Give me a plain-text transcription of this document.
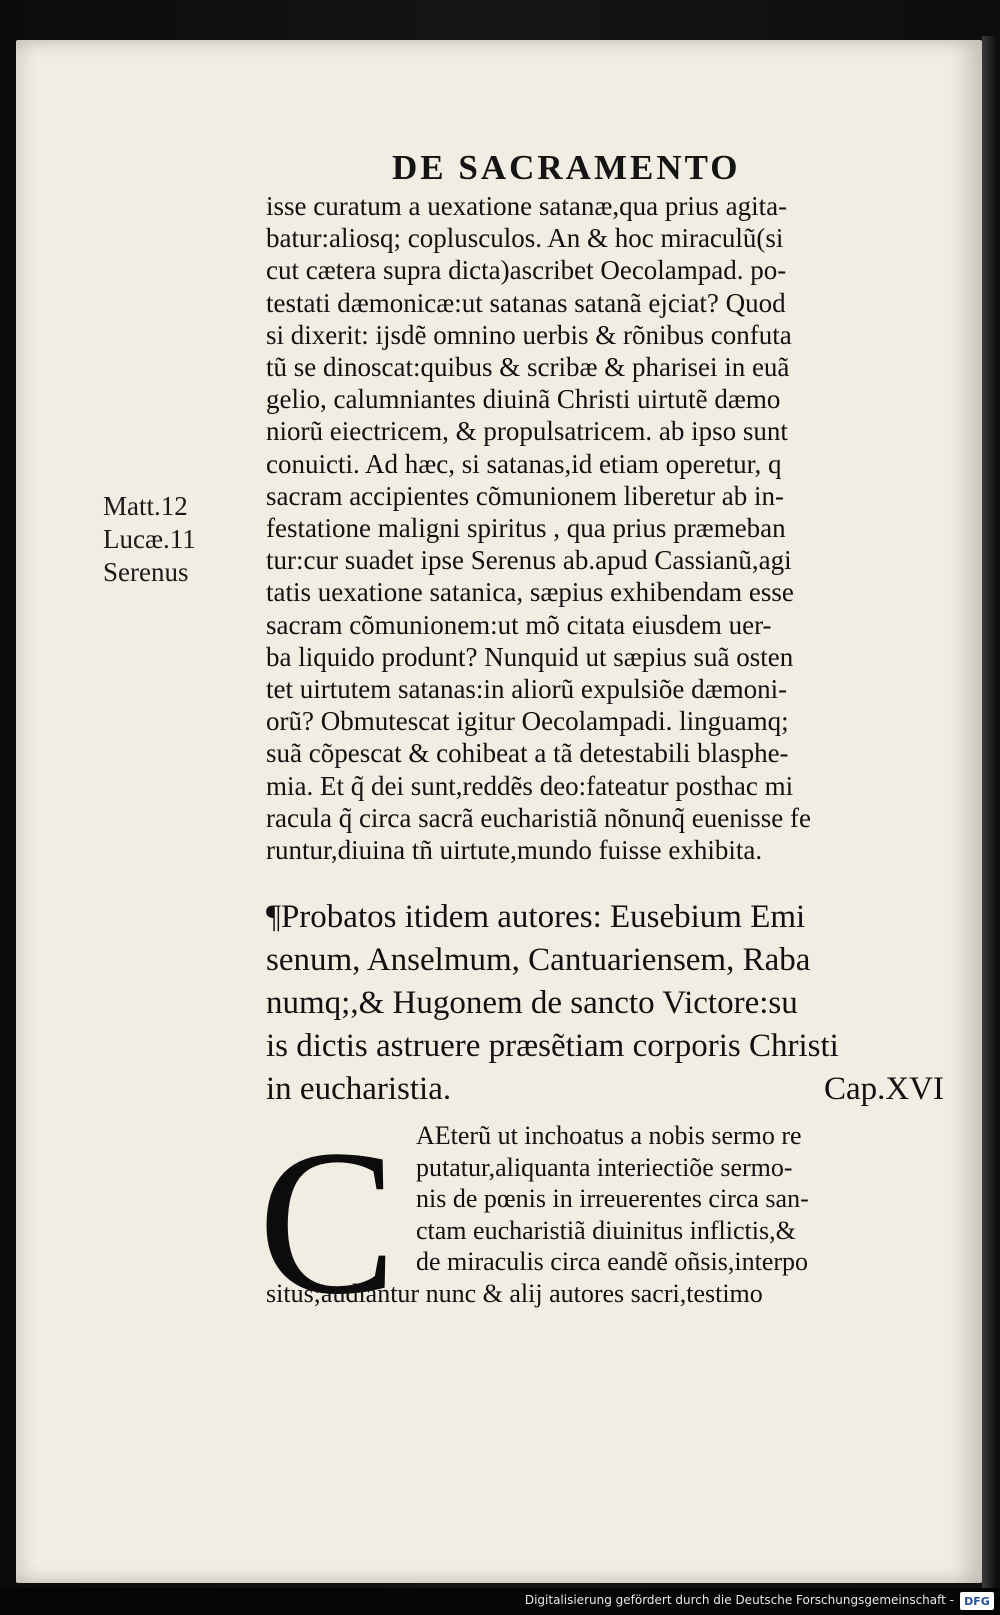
DE SACRAMENTO
Matt.12
Lucæ.11
Serenus
isse curatum a uexatione satanæ,qua prius agita-
batur:aliosq; coplusculos. An & hoc miraculũ(si
cut cætera supra dicta)ascribet Oecolampad. po-
testati dæmonicæ:ut satanas satanã ejciat? Quod
si dixerit: ijsdẽ omnino uerbis & rõnibus confuta
tũ se dinoscat:quibus & scribæ & pharisei in euã
gelio, calumniantes diuinã Christi uirtutẽ dæmo
niorũ eiectricem, & propulsatricem. ab ipso sunt
conuicti. Ad hæc, si satanas,id etiam operetur, q
sacram accipientes cõmunionem liberetur ab in-
festatione maligni spiritus , qua prius præmeban
tur:cur suadet ipse Serenus ab.apud Cassianũ,agi
tatis uexatione satanica, sæpius exhibendam esse
sacram cõmunionem:ut mõ citata eiusdem uer-
ba liquido produnt? Nunquid ut sæpius suã osten
tet uirtutem satanas:in aliorũ expulsiõe dæmoni-
orũ? Obmutescat igitur Oecolampadi. linguamq;
suã cõpescat & cohibeat a tã detestabili blasphe-
mia. Et q̃ dei sunt,reddẽs deo:fateatur posthac mi
racula q̃ circa sacrã eucharistiã nõnunq̃ euenisse fe
runtur,diuina tñ uirtute,mundo fuisse exhibita.
¶Probatos itidem autores: Eusebium Emi
senum, Anselmum, Cantuariensem, Raba
numq;,& Hugonem de sancto Victore:su
is dictis astruere præsẽtiam corporis Christi
in eucharistia.	Cap.XVI
C AEterũ ut inchoatus a nobis sermo re
putatur,aliquanta interiectiõe sermo-
nis de pœnis in irreuerentes circa san-
ctam eucharistiã diuinitus inflictis,&
de miraculis circa eandẽ oñsis,interpo
situs;audiantur nunc & alij autores sacri,testimo
Digitalisierung gefördert durch die Deutsche Forschungsgemeinschaft - DFG
